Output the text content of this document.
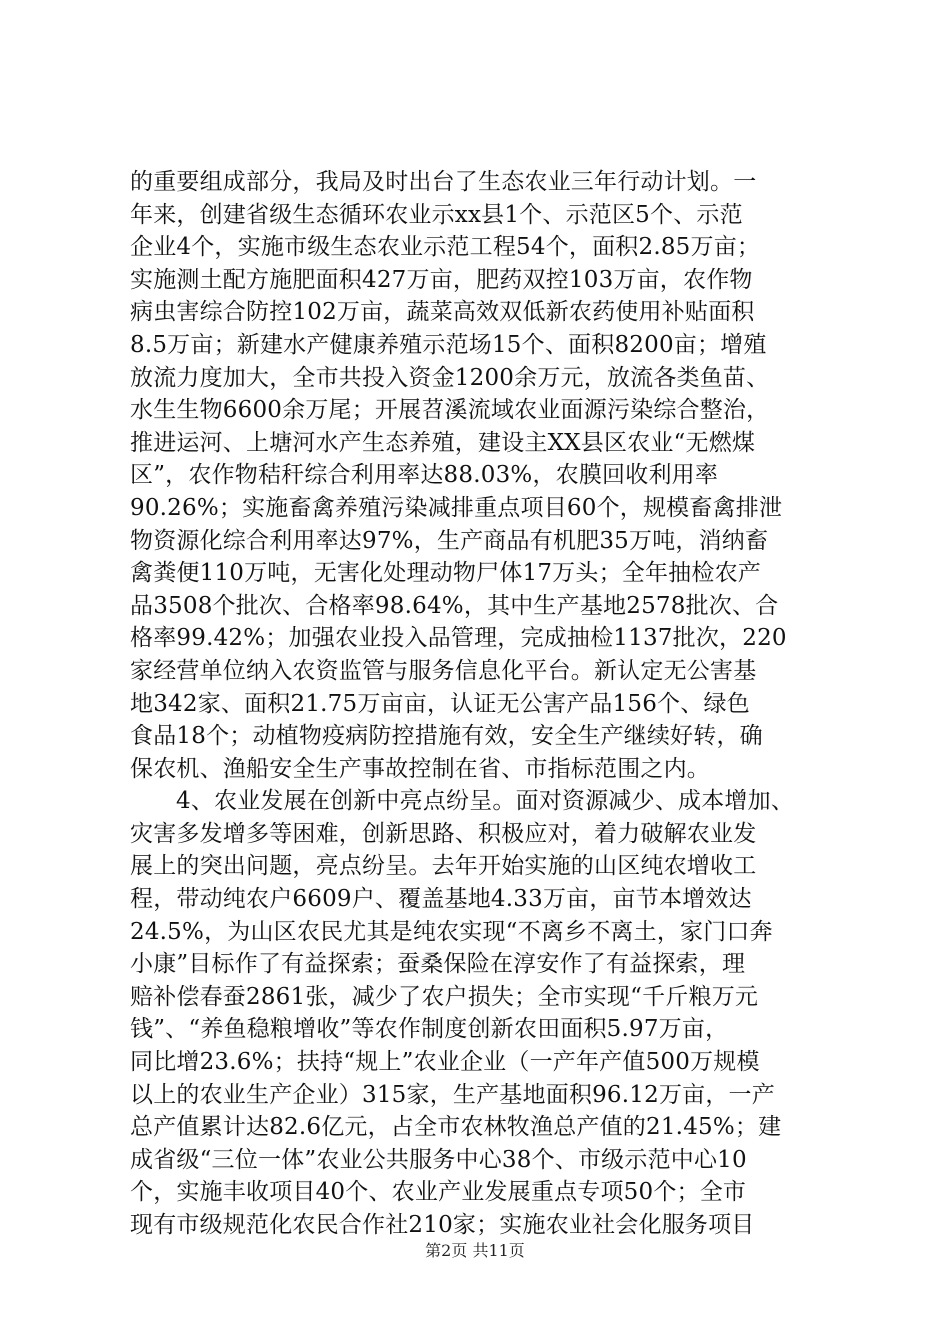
的重要组成部分，我局及时出台了生态农业三年行动计划。一
年来，创建省级生态循环农业示xx县1个、示范区5个、示范
企业4个，实施市级生态农业示范工程54个，面积2.85万亩；
实施测土配方施肥面积427万亩，肥药双控103万亩，农作物
病虫害综合防控102万亩，蔬菜高效双低新农药使用补贴面积
8.5万亩；新建水产健康养殖示范场15个、面积8200亩；增殖
放流力度加大，全市共投入资金1200余万元，放流各类鱼苗、
水生生物6600余万尾；开展苕溪流域农业面源污染综合整治，
推进运河、上塘河水产生态养殖，建设主XX县区农业“无燃煤
区”，农作物秸秆综合利用率达88.03%，农膜回收利用率
90.26%；实施畜禽养殖污染减排重点项目60个，规模畜禽排泄
物资源化综合利用率达97%，生产商品有机肥35万吨，消纳畜
禽粪便110万吨，无害化处理动物尸体17万头；全年抽检农产
品3508个批次、合格率98.64%，其中生产基地2578批次、合
格率99.42%；加强农业投入品管理，完成抽检1137批次，220
家经营单位纳入农资监管与服务信息化平台。新认定无公害基
地342家、面积21.75万亩亩，认证无公害产品156个、绿色
食品18个；动植物疫病防控措施有效，安全生产继续好转，确
保农机、渔船安全生产事故控制在省、市指标范围之内。
4、农业发展在创新中亮点纷呈。面对资源减少、成本增加、
灾害多发增多等困难，创新思路、积极应对，着力破解农业发
展上的突出问题，亮点纷呈。去年开始实施的山区纯农增收工
程，带动纯农户6609户、覆盖基地4.33万亩，亩节本增效达
24.5%，为山区农民尤其是纯农实现“不离乡不离土，家门口奔
小康”目标作了有益探索；蚕桑保险在淳安作了有益探索，理
赔补偿春蚕2861张，减少了农户损失；全市实现“千斤粮万元
钱”、“养鱼稳粮增收”等农作制度创新农田面积5.97万亩，
同比增23.6%；扶持“规上”农业企业（一产年产值500万规模
以上的农业生产企业）315家，生产基地面积96.12万亩，一产
总产值累计达82.6亿元，占全市农林牧渔总产值的21.45%；建
成省级“三位一体”农业公共服务中心38个、市级示范中心10
个，实施丰收项目40个、农业产业发展重点专项50个；全市
现有市级规范化农民合作社210家；实施农业社会化服务项目
第2页 共11页
